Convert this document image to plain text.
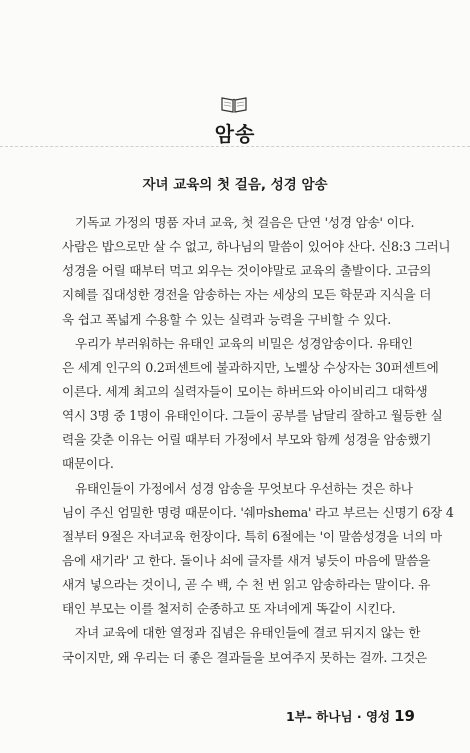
암송
자녀 교육의 첫 걸음, 성경 암송
기독교 가정의 명품 자녀 교육, 첫 걸음은 단연 '성경 암송' 이다.
사람은 밥으로만 살 수 없고, 하나님의 말씀이 있어야 산다. 신8:3 그러니
성경을 어릴 때부터 먹고 외우는 것이야말로 교육의 출발이다. 고금의
지혜를 집대성한 경전을 암송하는 자는 세상의 모든 학문과 지식을 더
욱 쉽고 폭넓게 수용할 수 있는 실력과 능력을 구비할 수 있다.
우리가 부러워하는 유태인 교육의 비밀은 성경암송이다. 유태인
은 세계 인구의 0.2퍼센트에 불과하지만, 노벨상 수상자는 30퍼센트에
이른다. 세계 최고의 실력자들이 모이는 하버드와 아이비리그 대학생
역시 3명 중 1명이 유태인이다. 그들이 공부를 남달리 잘하고 월등한 실
력을 갖춘 이유는 어릴 때부터 가정에서 부모와 함께 성경을 암송했기
때문이다.
유태인들이 가정에서 성경 암송을 무엇보다 우선하는 것은 하나
님이 주신 엄밀한 명령 때문이다. '쉐마shema' 라고 부르는 신명기 6장 4
절부터 9절은 자녀교육 헌장이다. 특히 6절에는 '이 말씀성경을 너의 마
음에 새기라' 고 한다. 돌이나 쇠에 글자를 새겨 넣듯이 마음에 말씀을
새겨 넣으라는 것이니, 곧 수 백, 수 천 번 읽고 암송하라는 말이다. 유
태인 부모는 이를 철저히 순종하고 또 자녀에게 똑같이 시킨다.
자녀 교육에 대한 열정과 집념은 유태인들에 결코 뒤지지 않는 한
국이지만, 왜 우리는 더 좋은 결과들을 보여주지 못하는 걸까. 그것은
1부- 하나님 · 영성 19
